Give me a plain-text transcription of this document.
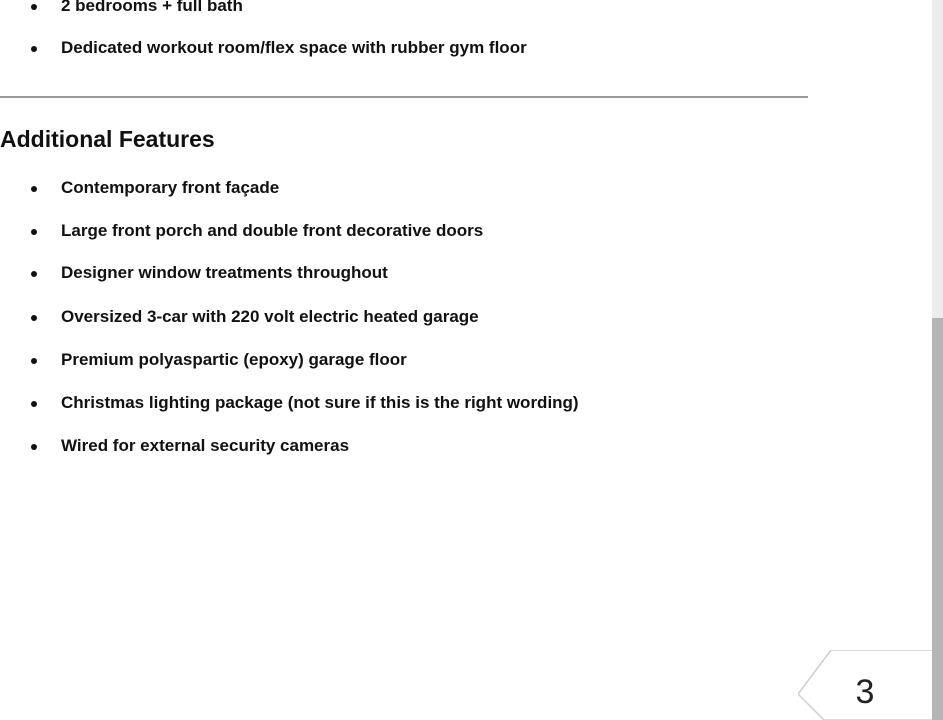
2 bedrooms + full bath
Dedicated workout room/flex space with rubber gym floor
Additional Features
Contemporary front façade
Large front porch and double front decorative doors
Designer window treatments throughout
Oversized 3-car with 220 volt electric heated garage
Premium polyaspartic (epoxy) garage floor
Christmas lighting package (not sure if this is the right wording)
Wired for external security cameras
3
